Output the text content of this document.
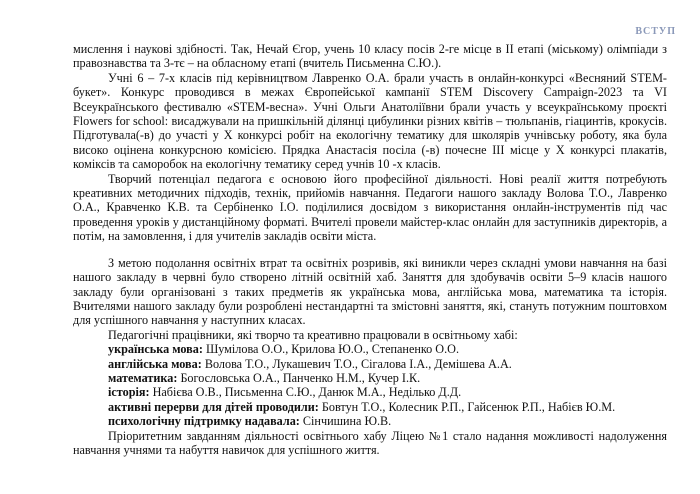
ВСТУП

мислення і наукові здібності. Так, Нечай Єгор, учень 10 класу посів 2-ге місце в ІІ етапі (міському) олімпіади з правознавства та 3-тє – на обласному етапі (вчитель Письменна С.Ю.).

Учні 6 – 7-х класів під керівництвом Лавренко О.А. брали участь в онлайн-конкурсі «Весняний STEM-букет». Конкурс проводився в межах Європейської кампанії STEM Discovery Campaign-2023 та VІ Всеукраїнського фестивалю «STEM-весна». Учні Ольги Анатоліївни брали участь у всеукраїнському проєкті Flowers for school: висаджували на пришкільній ділянці цибулинки різних квітів – тюльпанів, гіацинтів, крокусів. Підготувала(-в) до участі у Х конкурсі робіт на екологічну тематику для школярів учнівську роботу, яка була високо оцінена конкурсною комісією. Прядка Анастасія посіла (-в) почесне ІІІ місце у Х конкурсі плакатів, коміксів та саморобок на екологічну тематику серед учнів 10 -х класів.

Творчий потенціал педагога є основою його професійної діяльності. Нові реалії життя потребують креативних методичних підходів, технік, прийомів навчання. Педагоги нашого закладу Волова Т.О., Лавренко О.А., Кравченко К.В. та Сербіненко І.О. поділилися досвідом з використання онлайн-інструментів під час проведення уроків у дистанційному форматі. Вчителі провели майстер-клас онлайн для заступників директорів, а потім, на замовлення, і для учителів закладів освіти міста.

З метою подолання освітніх втрат та освітніх розривів, які виникли через складні умови навчання на базі нашого закладу в червні було створено літній освітній хаб. Заняття для здобувачів освіти 5–9 класів нашого закладу були організовані з таких предметів як українська мова, англійська мова, математика та історія. Вчителями нашого закладу були розроблені нестандартні та змістовні заняття, які, стануть потужним поштовхом для успішного навчання у наступних класах.

Педагогічні працівники, які творчо та креативно працювали в освітньому хабі:

українська мова: Шумілова О.О., Крилова Ю.О., Степаненко О.О.

англійська мова: Волова Т.О., Лукашевич Т.О., Сігалова І.А., Демішева А.А.

математика: Богословська О.А., Панченко Н.М., Кучер І.К.

історія: Набієва О.В., Письменна С.Ю., Данюк М.А., Неділько Д.Д.

активні перерви для дітей проводили: Бовтун Т.О., Колесник Р.П., Гайсенюк Р.П., Набієв Ю.М.

психологічну підтримку надавала: Сінчишина Ю.В.

Пріоритетним завданням діяльності освітнього хабу Ліцею №1 стало надання можливості надолуження навчання учнями та набуття навичок для успішного життя.
